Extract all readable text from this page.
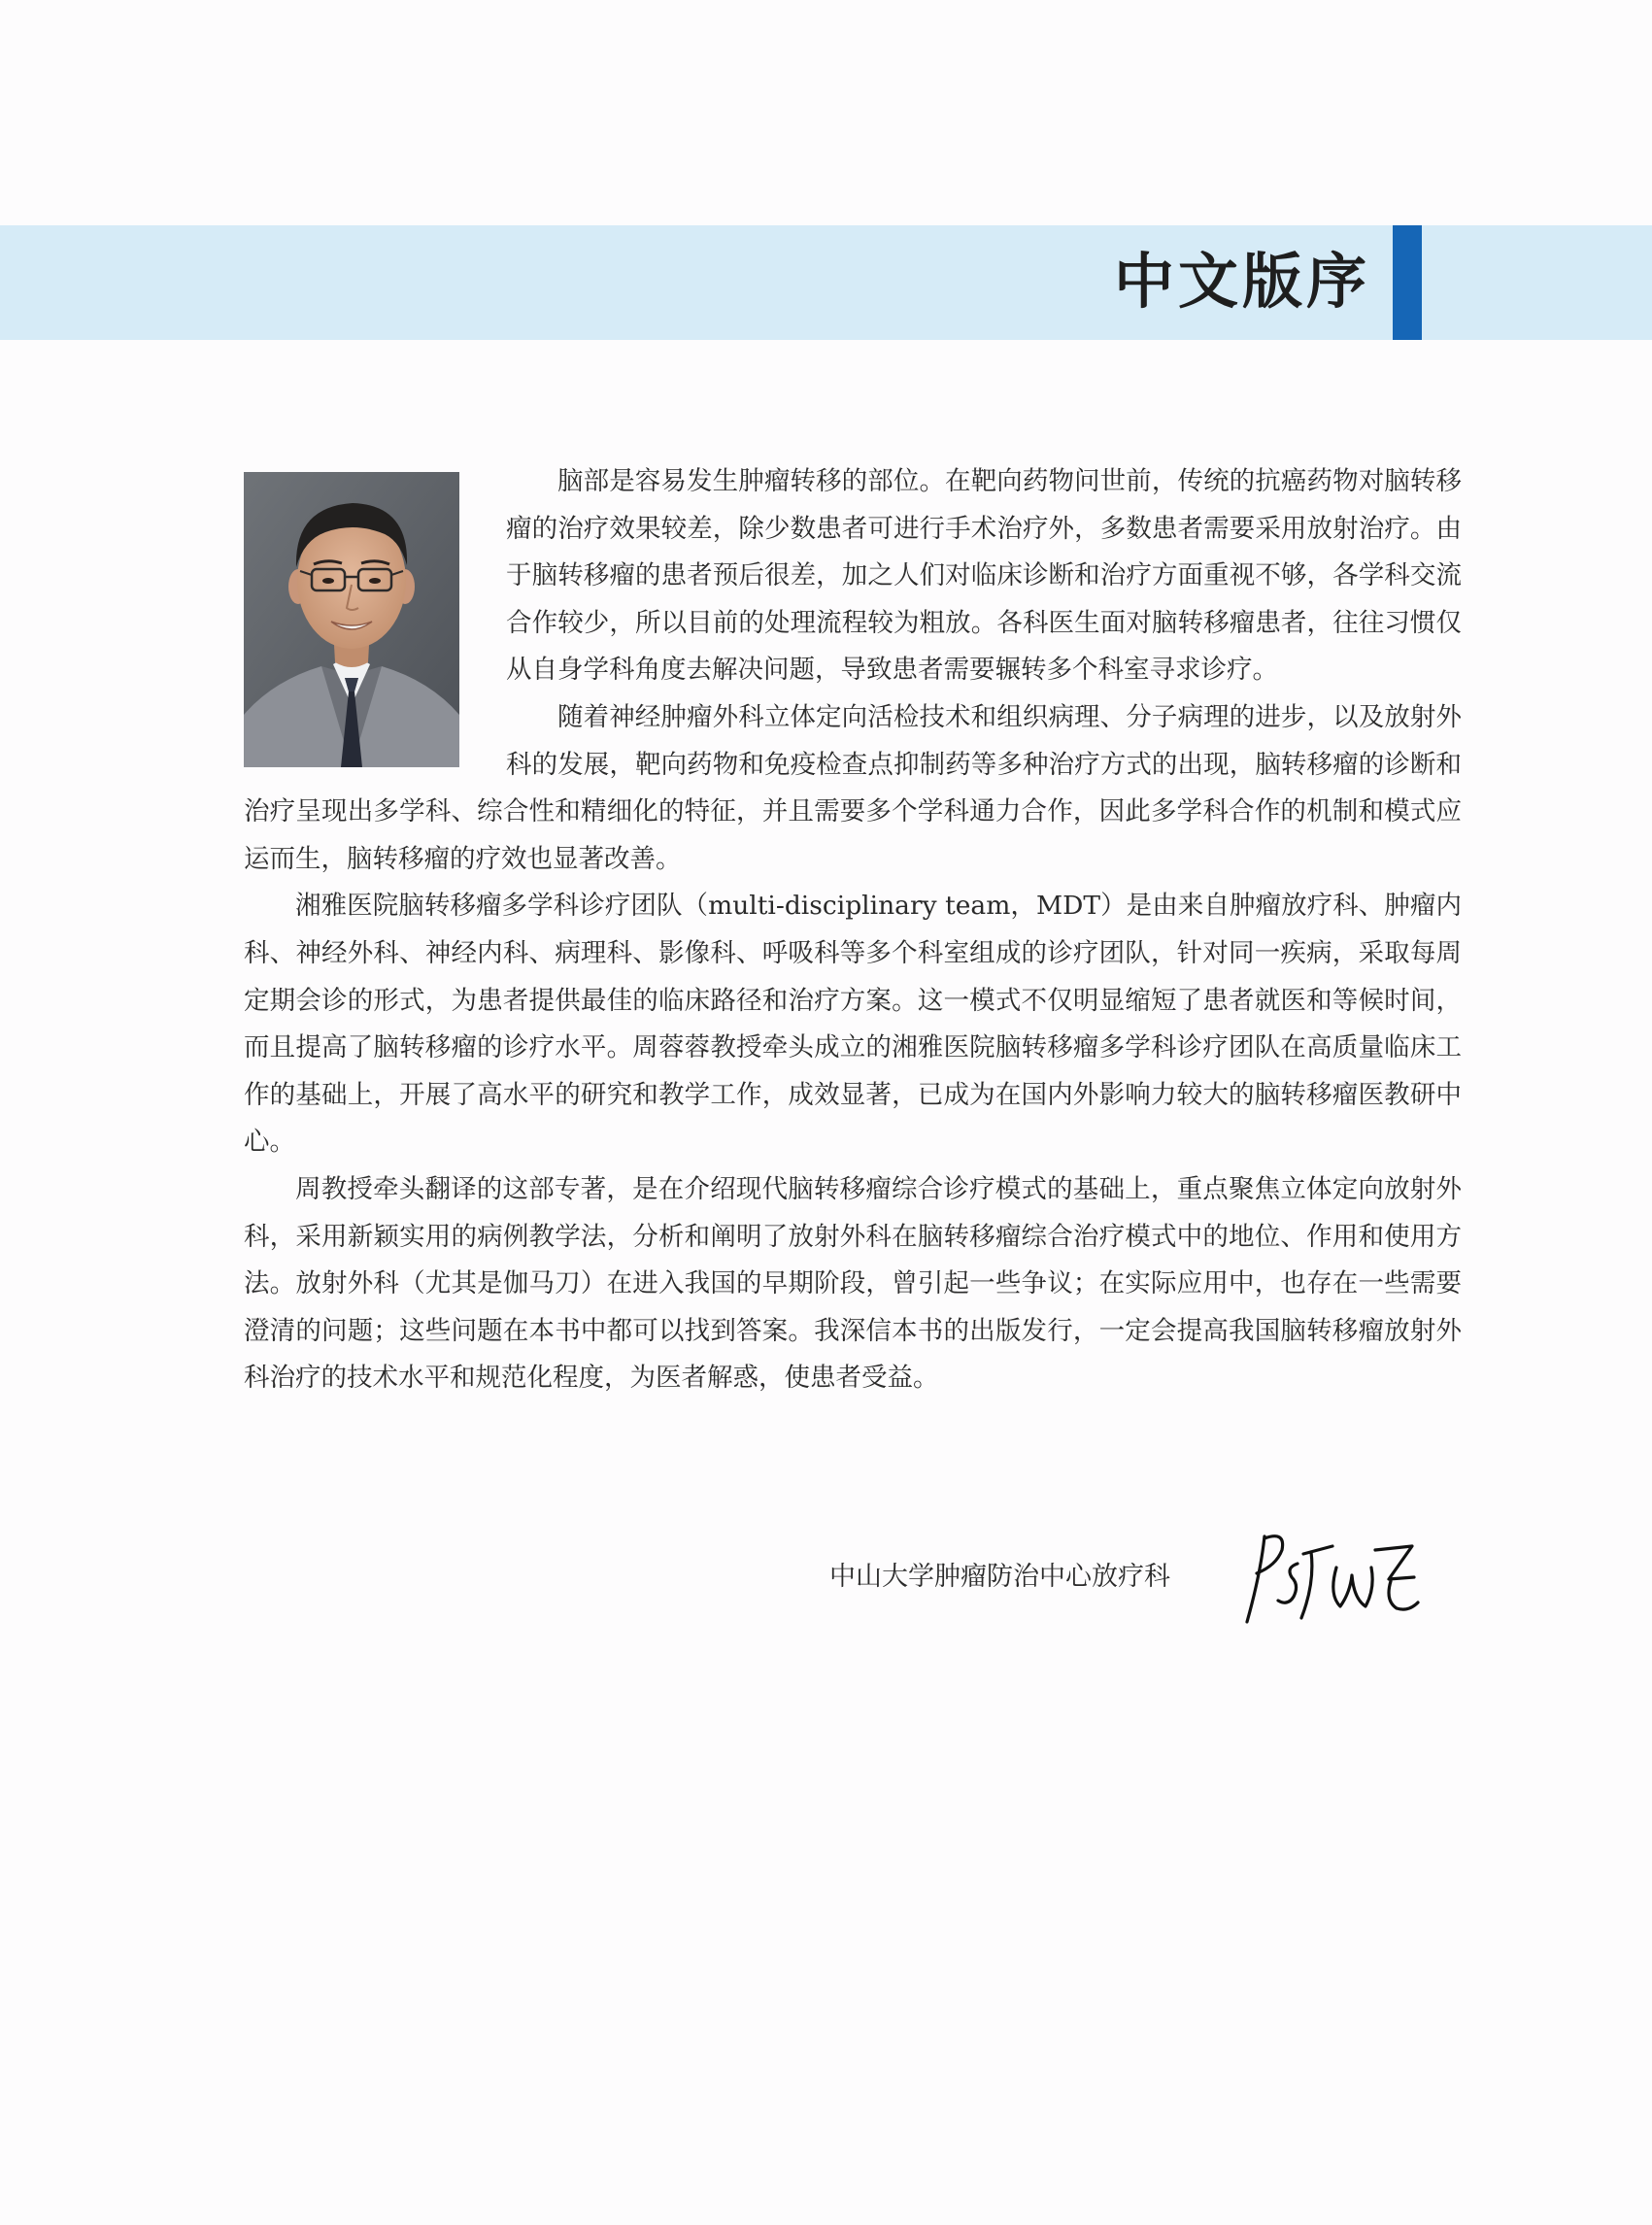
中文版序

脑部是容易发生肿瘤转移的部位。在靶向药物问世前，传统的抗癌药物对脑转移瘤的治疗效果较差，除少数患者可进行手术治疗外，多数患者需要采用放射治疗。由于脑转移瘤的患者预后很差，加之人们对临床诊断和治疗方面重视不够，各学科交流合作较少，所以目前的处理流程较为粗放。各科医生面对脑转移瘤患者，往往习惯仅从自身学科角度去解决问题，导致患者需要辗转多个科室寻求诊疗。

随着神经肿瘤外科立体定向活检技术和组织病理、分子病理的进步，以及放射外科的发展，靶向药物和免疫检查点抑制药等多种治疗方式的出现，脑转移瘤的诊断和治疗呈现出多学科、综合性和精细化的特征，并且需要多个学科通力合作，因此多学科合作的机制和模式应运而生，脑转移瘤的疗效也显著改善。

湘雅医院脑转移瘤多学科诊疗团队（multi-disciplinary team，MDT）是由来自肿瘤放疗科、肿瘤内科、神经外科、神经内科、病理科、影像科、呼吸科等多个科室组成的诊疗团队，针对同一疾病，采取每周定期会诊的形式，为患者提供最佳的临床路径和治疗方案。这一模式不仅明显缩短了患者就医和等候时间，而且提高了脑转移瘤的诊疗水平。周蓉蓉教授牵头成立的湘雅医院脑转移瘤多学科诊疗团队在高质量临床工作的基础上，开展了高水平的研究和教学工作，成效显著，已成为在国内外影响力较大的脑转移瘤医教研中心。

周教授牵头翻译的这部专著，是在介绍现代脑转移瘤综合诊疗模式的基础上，重点聚焦立体定向放射外科，采用新颖实用的病例教学法，分析和阐明了放射外科在脑转移瘤综合治疗模式中的地位、作用和使用方法。放射外科（尤其是伽马刀）在进入我国的早期阶段，曾引起一些争议；在实际应用中，也存在一些需要澄清的问题；这些问题在本书中都可以找到答案。我深信本书的出版发行，一定会提高我国脑转移瘤放射外科治疗的技术水平和规范化程度，为医者解惑，使患者受益。

中山大学肿瘤防治中心放疗科
